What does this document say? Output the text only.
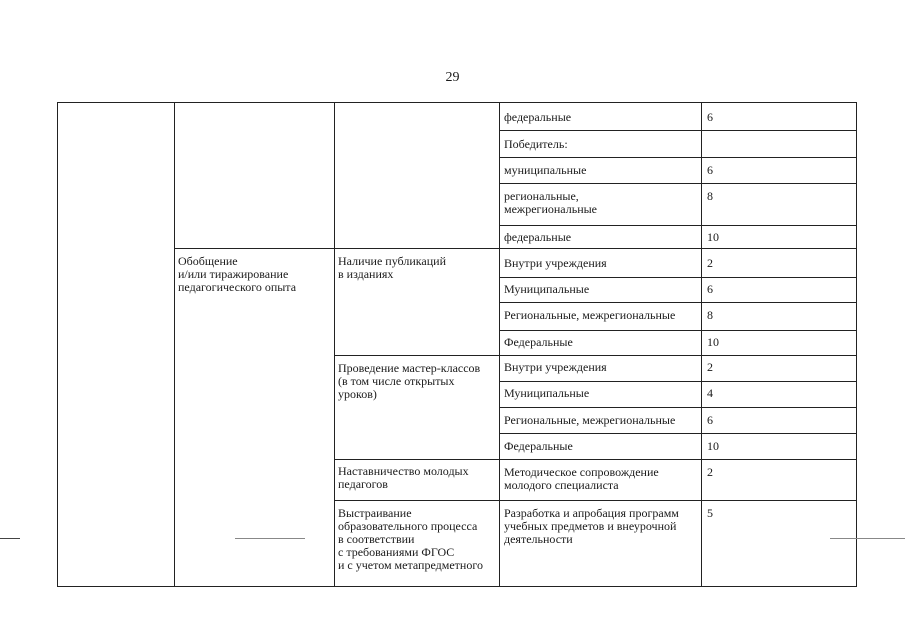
29
Обобщение
и/или тиражирование
педагогического опыта
Наличие публикаций
в изданиях
Проведение мастер-классов
(в том числе открытых
уроков)
Наставничество молодых
педагогов
Выстраивание
образовательного процесса
в соответствии
с требованиями ФГОС
и с учетом метапредметного
федеральные
Победитель:
муниципальные
региональные,
межрегиональные
федеральные
Внутри учреждения
Муниципальные
Региональные, межрегиональные
Федеральные
Внутри учреждения
Муниципальные
Региональные, межрегиональные
Федеральные
Методическое сопровождение
молодого специалиста
Разработка и апробация программ
учебных предметов и внеурочной
деятельности
6
6
8
10
2
6
8
10
2
4
6
10
2
5
